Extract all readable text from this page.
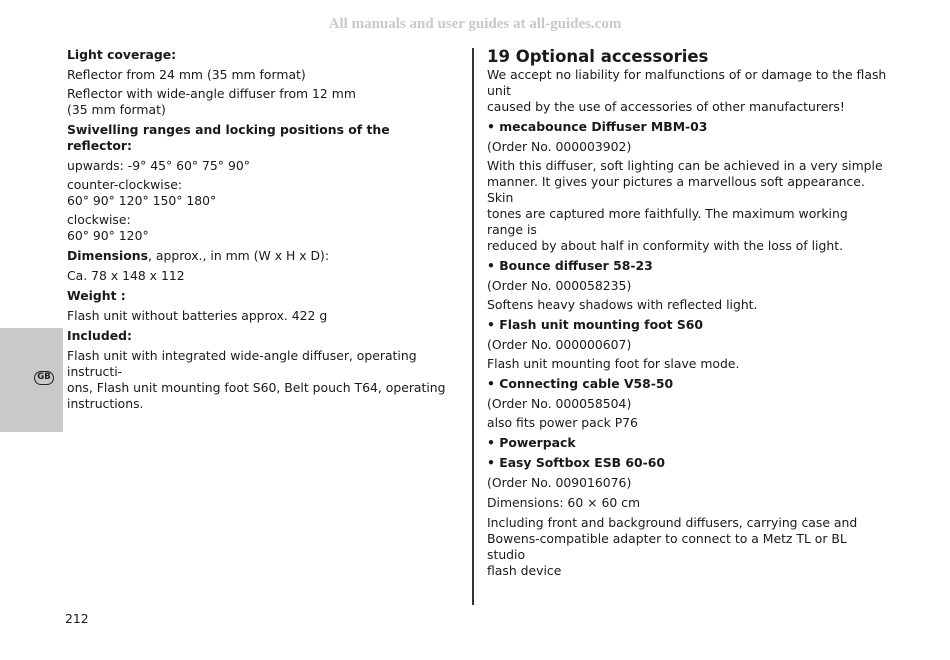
All manuals and user guides at all-guides.com
GB

Light coverage:

Reflector from 24 mm (35 mm format)

Reflector with wide-angle diffuser from 12 mm

(35 mm format)

Swivelling ranges and locking positions of the reflector:

upwards: -9° 45° 60° 75° 90°

counter-clockwise:

60° 90° 120° 150° 180°

clockwise:

60° 90° 120°

Dimensions, approx., in mm (W x H x D):

Ca. 78 x 148 x 112

Weight :

Flash unit without batteries approx. 422 g

Included:

Flash unit with integrated wide-angle diffuser, operating instructi-

ons, Flash unit mounting foot S60, Belt pouch T64, operating

instructions.

19 Optional accessories

We accept no liability for malfunctions of or damage to the flash unit

caused by the use of accessories of other manufacturers!

• mecabounce Diffuser MBM-03

(Order No. 000003902)

With this diffuser, soft lighting can be achieved in a very simple

manner. It gives your pictures a marvellous soft appearance. Skin

tones are captured more faithfully. The maximum working range is

reduced by about half in conformity with the loss of light.

• Bounce diffuser 58-23

(Order No. 000058235)

Softens heavy shadows with reflected light.

• Flash unit mounting foot S60

(Order No. 000000607)

Flash unit mounting foot for slave mode.

• Connecting cable V58-50

(Order No. 000058504)

also fits power pack P76

• Powerpack

• Easy Softbox ESB 60-60

(Order No. 009016076)

Dimensions: 60 × 60 cm

Including front and background diffusers, carrying case and

Bowens-compatible adapter to connect to a Metz TL or BL studio

flash device

212
